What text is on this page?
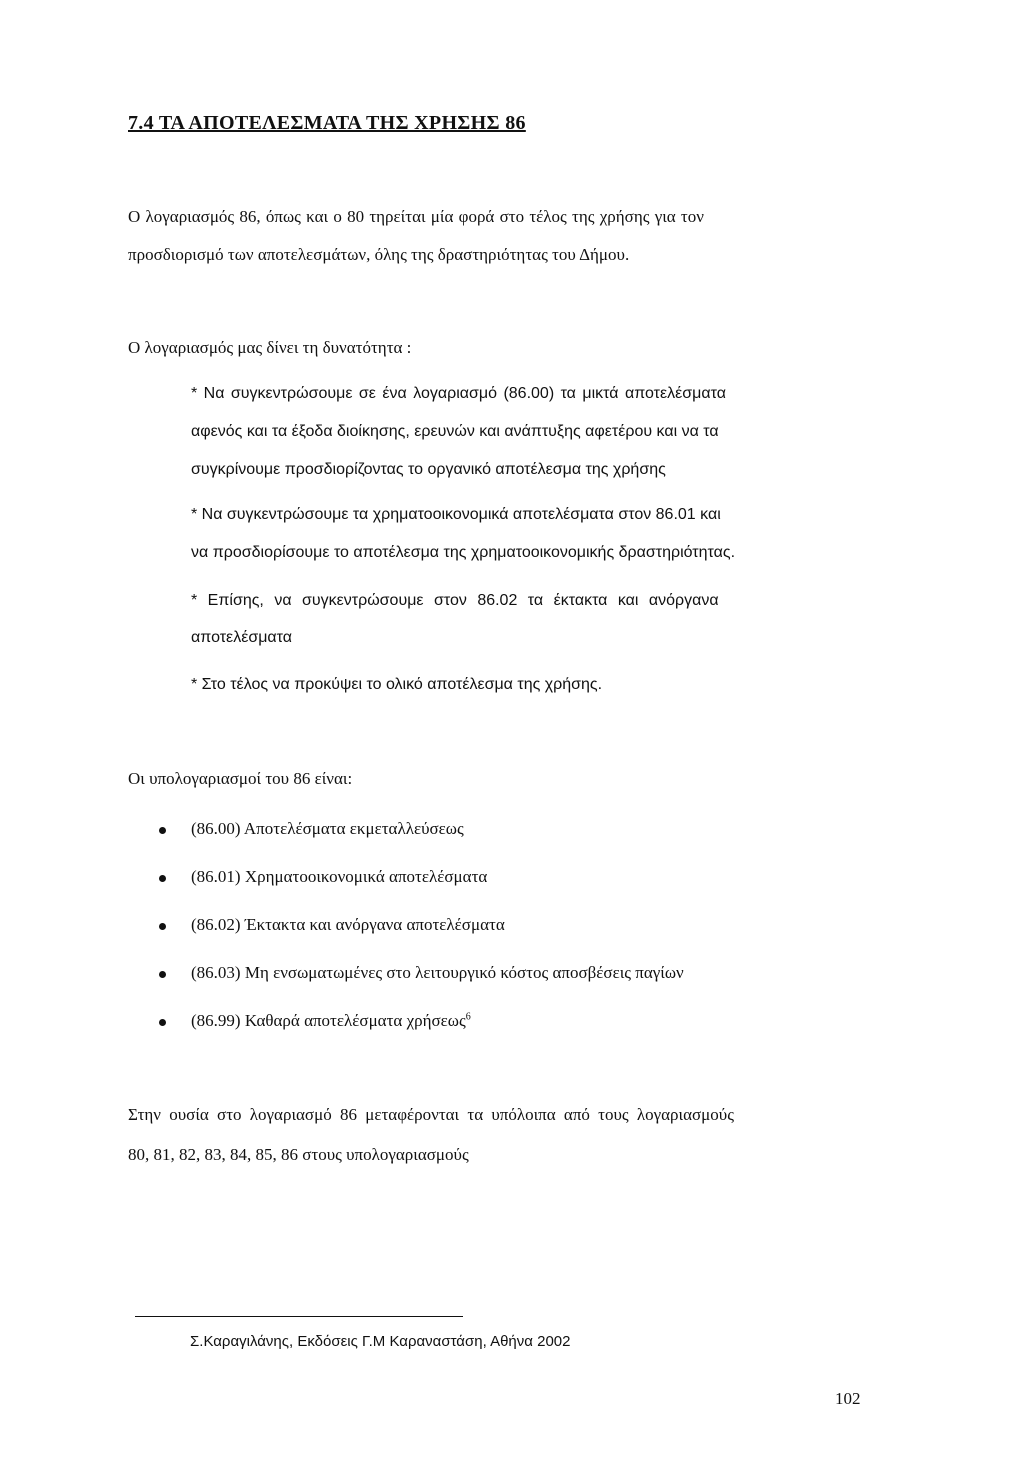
7.4 ΤΑ ΑΠΟΤΕΛΕΣΜΑΤΑ ΤΗΣ ΧΡΗΣΗΣ 86
Ο λογαριασμός 86, όπως και ο 80 τηρείται μία φορά στο τέλος της χρήσης για τον
προσδιορισμό των αποτελεσμάτων, όλης της δραστηριότητας του Δήμου.
Ο λογαριασμός μας δίνει τη δυνατότητα :
* Να συγκεντρώσουμε σε ένα λογαριασμό (86.00) τα μικτά αποτελέσματα
αφενός και τα έξοδα διοίκησης, ερευνών και ανάπτυξης αφετέρου και να τα
συγκρίνουμε προσδιορίζοντας το οργανικό αποτέλεσμα της χρήσης
* Να συγκεντρώσουμε τα χρηματοοικονομικά αποτελέσματα στον 86.01 και
να προσδιορίσουμε το αποτέλεσμα της χρηματοοικονομικής δραστηριότητας.
* Επίσης, να συγκεντρώσουμε στον 86.02 τα έκτακτα και ανόργανα
αποτελέσματα
* Στο τέλος να προκύψει το ολικό αποτέλεσμα της χρήσης.
Οι υπολογαριασμοί του 86 είναι:
(86.00) Αποτελέσματα εκμεταλλεύσεως
(86.01) Χρηματοοικονομικά αποτελέσματα
(86.02) Έκτακτα και ανόργανα αποτελέσματα
(86.03) Μη ενσωματωμένες στο λειτουργικό κόστος αποσβέσεις παγίων
(86.99) Καθαρά αποτελέσματα χρήσεως$^6$
Στην ουσία στο λογαριασμό 86 μεταφέρονται τα υπόλοιπα από τους λογαριασμούς
80, 81, 82, 83, 84, 85, 86 στους υπολογαριασμούς
Σ.Καραγιλάνης, Εκδόσεις Γ.Μ Καραναστάση, Αθήνα 2002
102
